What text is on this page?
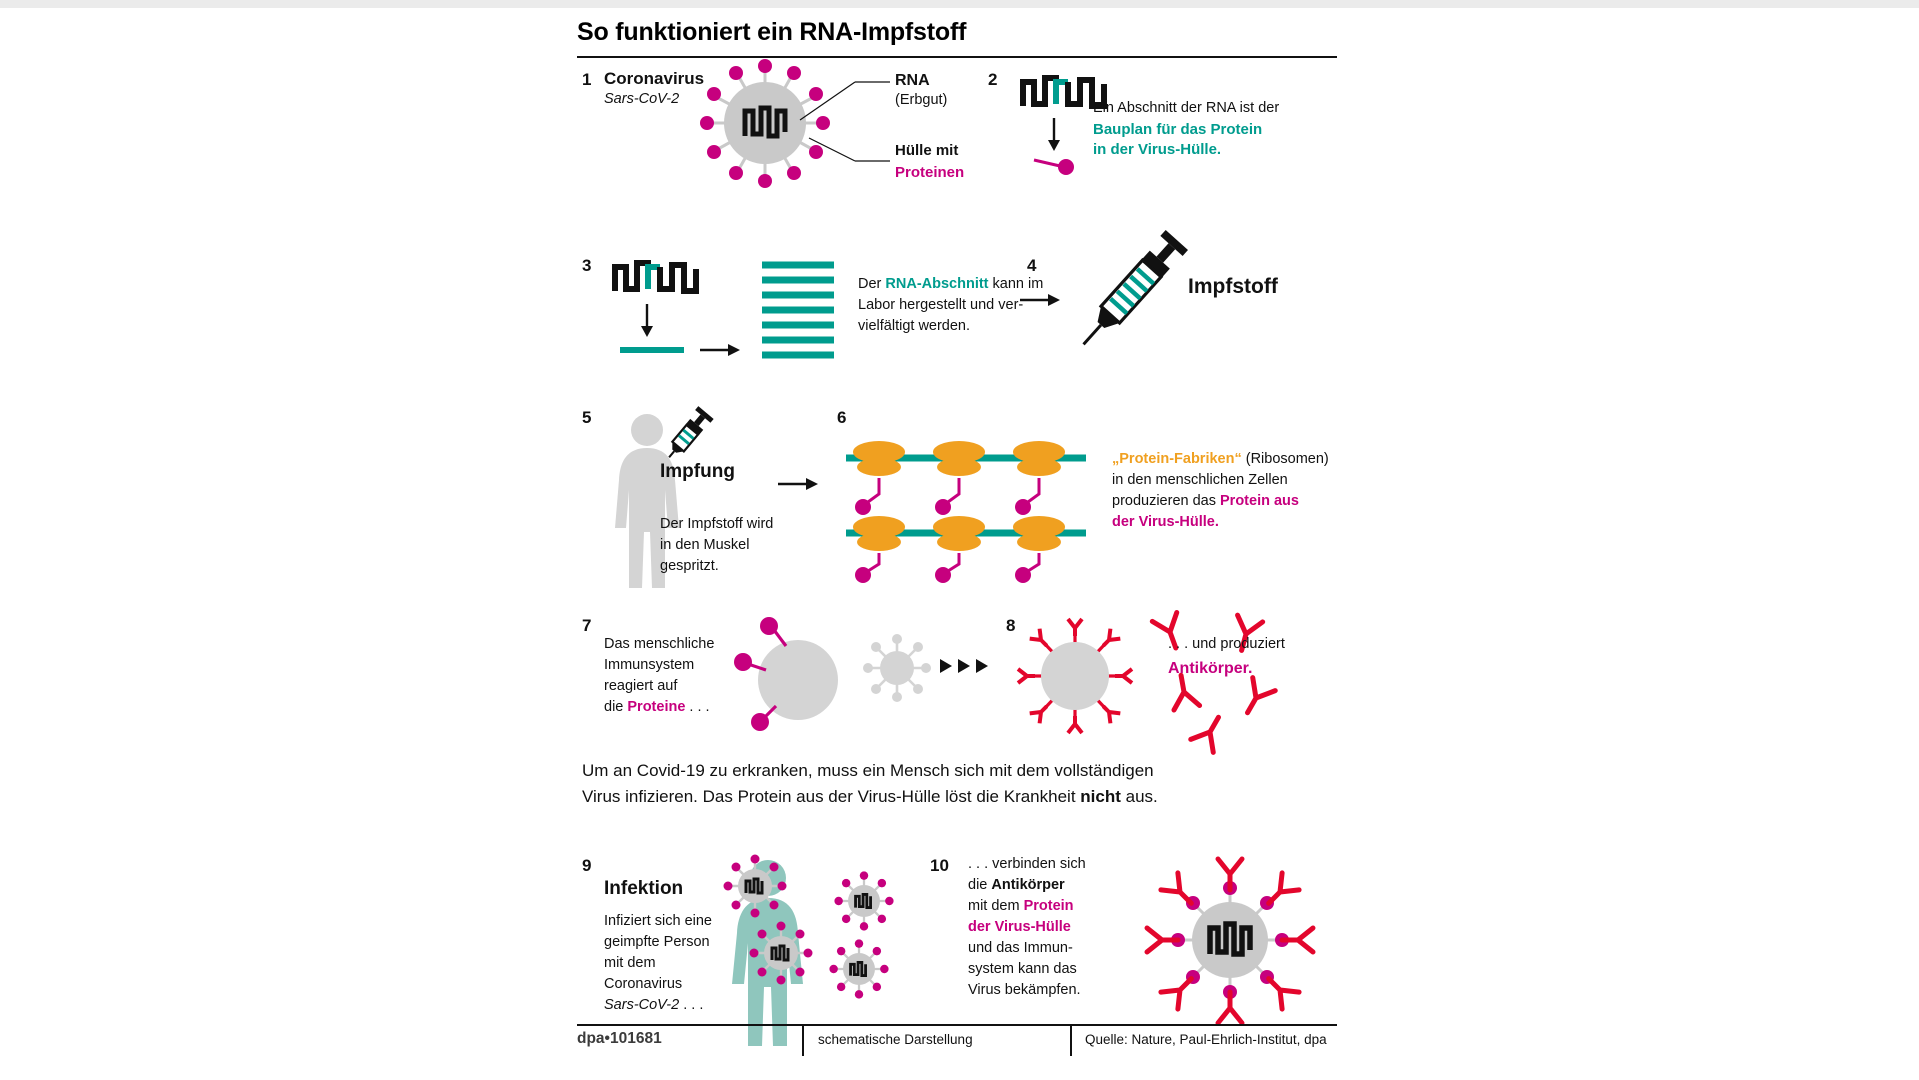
So funktioniert ein RNA-Impfstoff
1 Coronavirus
Sars-CoV-2
RNA
(Erbgut)
Hülle mit
Proteinen
2
Ein Abschnitt der RNA ist der
Bauplan für das Protein
in der Virus-Hülle.
3
Der RNA-Abschnitt kann im
Labor hergestellt und ver-
vielfältigt werden.
4
Impfstoff
5
Impfung
Der Impfstoff wird
in den Muskel
gespritzt.
6
„Protein-Fabriken“ (Ribosomen)
in den menschlichen Zellen
produzieren das Protein aus
der Virus-Hülle.
7
Das menschliche
Immunsystem
reagiert auf
die Proteine . . .
8
. . . und produziert
Antikörper.
Um an Covid-19 zu erkranken, muss ein Mensch sich mit dem vollständigen
Virus infizieren. Das Protein aus der Virus-Hülle löst die Krankheit nicht aus.
9
Infektion
Infiziert sich eine
geimpfte Person
mit dem
Coronavirus
Sars-CoV-2 . . .
10 . . . verbinden sich
die Antikörper
mit dem Protein
der Virus-Hülle
und das Immun-
system kann das
Virus bekämpfen.
dpa•101681	schematische Darstellung	Quelle: Nature, Paul-Ehrlich-Institut, dpa
